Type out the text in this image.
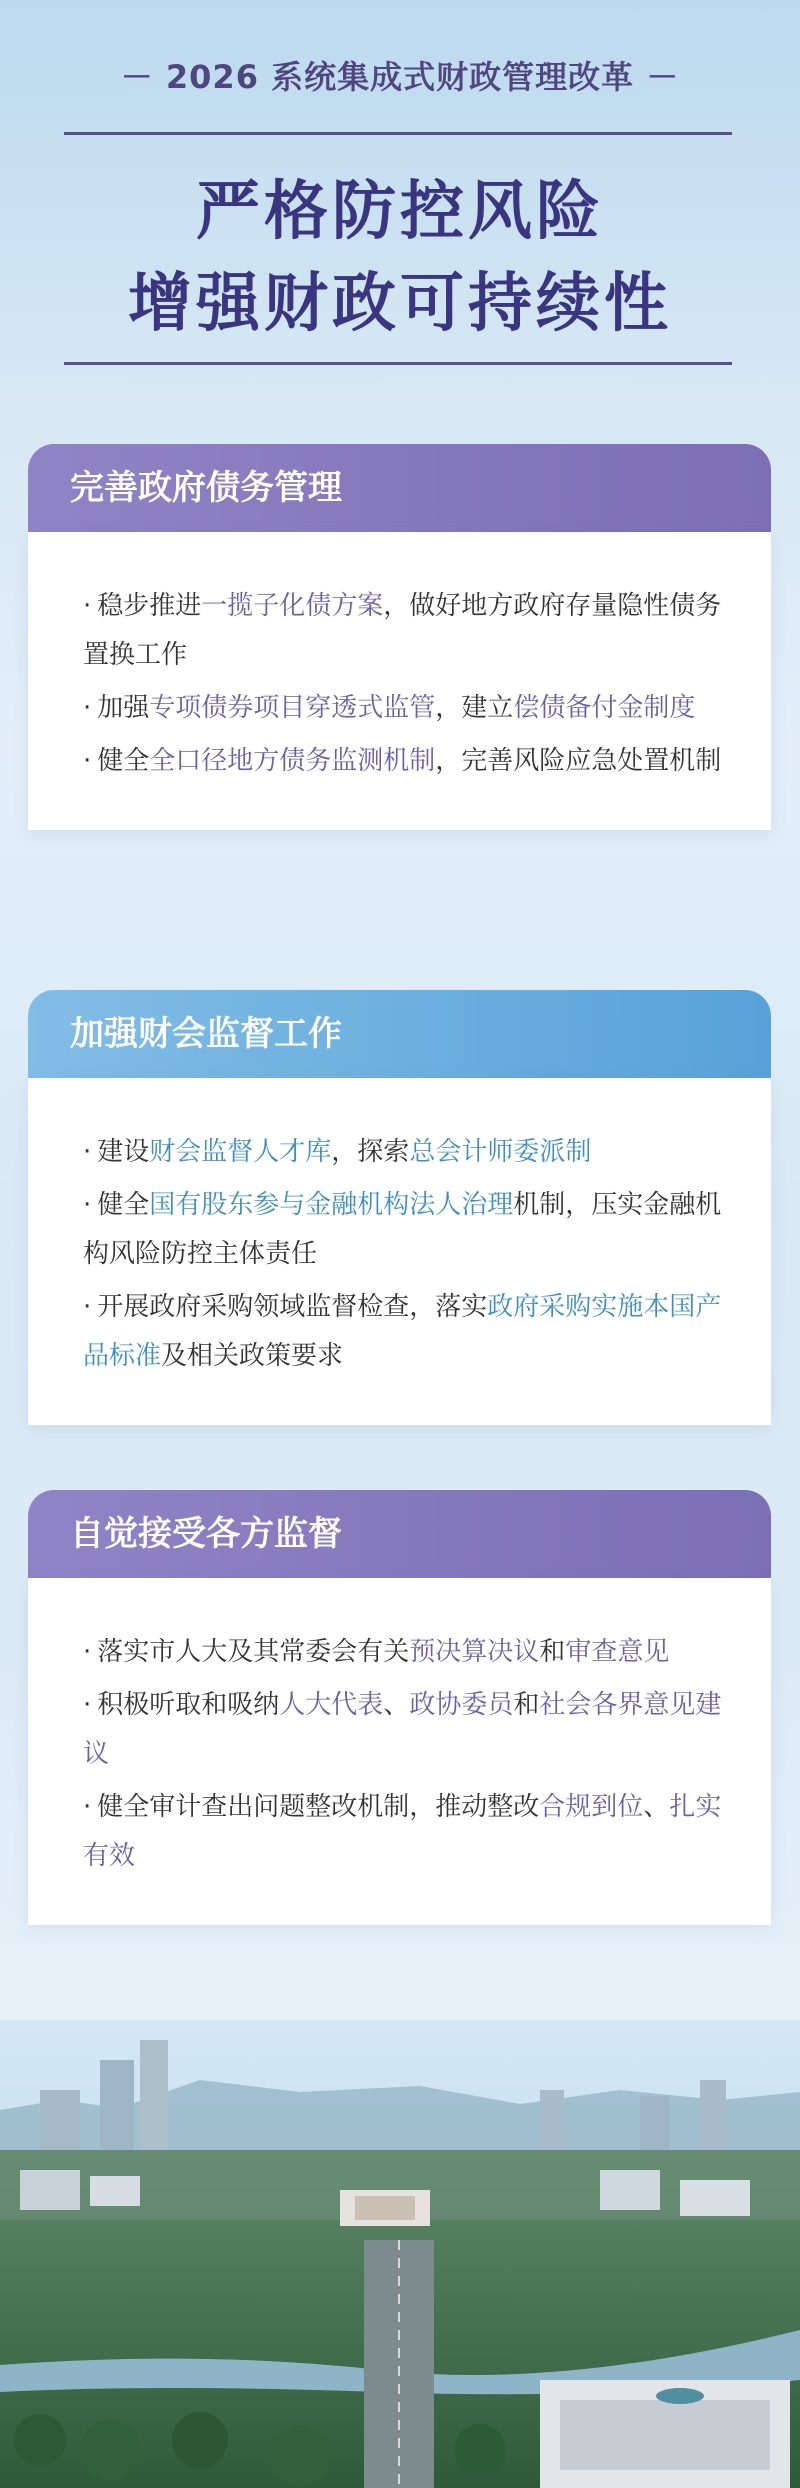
－ 2026 系统集成式财政管理改革 －
严格防控风险
增强财政可持续性
完善政府债务管理
· 稳步推进一揽子化债方案，做好地方政府存量隐性债务置换工作
· 加强专项债券项目穿透式监管，建立偿债备付金制度
· 健全全口径地方债务监测机制，完善风险应急处置机制
加强财会监督工作
· 建设财会监督人才库，探索总会计师委派制
· 健全国有股东参与金融机构法人治理机制，压实金融机构风险防控主体责任
· 开展政府采购领域监督检查，落实政府采购实施本国产品标准及相关政策要求
自觉接受各方监督
· 落实市人大及其常委会有关预决算决议和审查意见
· 积极听取和吸纳人大代表、政协委员和社会各界意见建议
· 健全审计查出问题整改机制，推动整改合规到位、扎实有效
